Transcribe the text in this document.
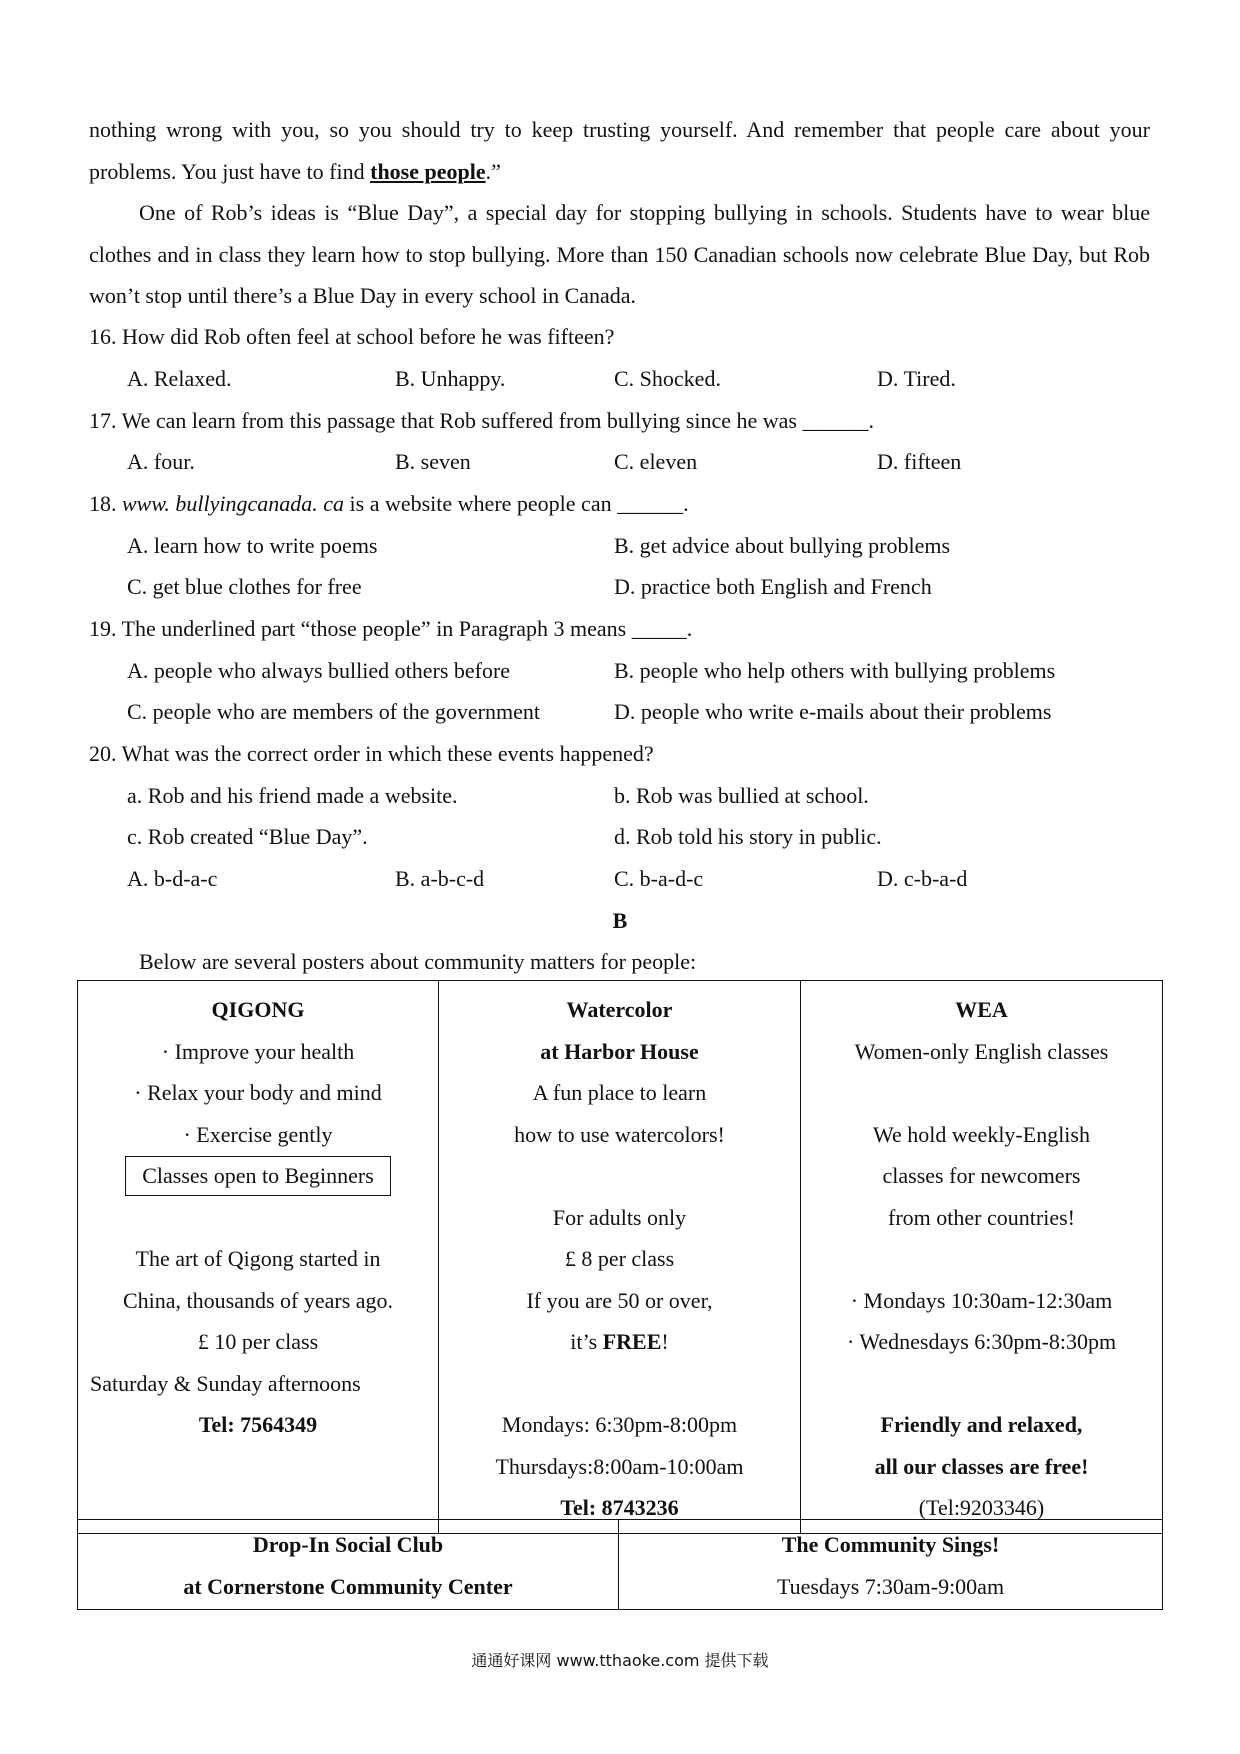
nothing wrong with you, so you should try to keep trusting yourself. And remember that people care about your problems. You just have to find those people.”
One of Rob’s ideas is “Blue Day”, a special day for stopping bullying in schools. Students have to wear blue clothes and in class they learn how to stop bullying. More than 150 Canadian schools now celebrate Blue Day, but Rob won’t stop until there’s a Blue Day in every school in Canada.
16. How did Rob often feel at school before he was fifteen?
A. Relaxed.	B. Unhappy.	C. Shocked.	D. Tired.
17. We can learn from this passage that Rob suffered from bullying since he was ______.
A. four.	B. seven	C. eleven	D. fifteen
18. www. bullyingcanada. ca is a website where people can ______.
A. learn how to write poems	B. get advice about bullying problems
C. get blue clothes for free	D. practice both English and French
19. The underlined part “those people” in Paragraph 3 means _____.
A. people who always bullied others before	B. people who help others with bullying problems
C. people who are members of the government	D. people who write e-mails about their problems
20. What was the correct order in which these events happened?
a. Rob and his friend made a website.	b. Rob was bullied at school.
c. Rob created “Blue Day”.	d. Rob told his story in public.
A. b-d-a-c	B. a-b-c-d	C. b-a-d-c	D. c-b-a-d
B
Below are several posters about community matters for people:
QIGONG
· Improve your health
· Relax your body and mind
· Exercise gently
Classes open to Beginners
The art of Qigong started in
China, thousands of years ago.
£ 10 per class
Saturday & Sunday afternoons
Tel: 7564349

Watercolor
at Harbor House
A fun place to learn
how to use watercolors!
For adults only
£ 8 per class
If you are 50 or over,
it’s FREE!
Mondays: 6:30pm-8:00pm
Thursdays:8:00am-10:00am
Tel: 8743236

WEA
Women-only English classes
We hold weekly-English
classes for newcomers
from other countries!
· Mondays 10:30am-12:30am
· Wednesdays 6:30pm-8:30pm
Friendly and relaxed,
all our classes are free!
(Tel:9203346)
Drop-In Social Club
at Cornerstone Community Center

The Community Sings!
Tuesdays 7:30am-9:00am
通通好课网 www.tthaoke.com 提供下载
